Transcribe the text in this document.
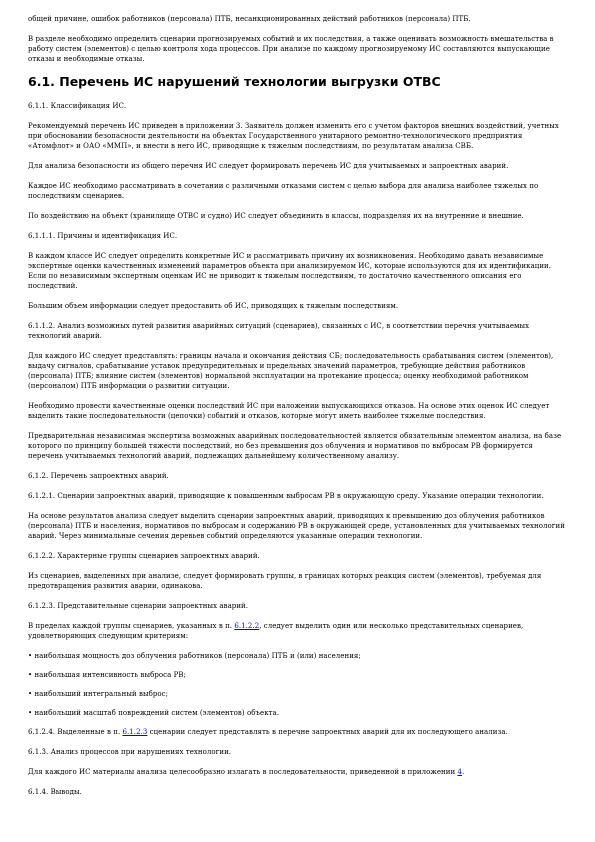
общей причине, ошибок работников (персонала) ПТБ, несанкционированных действий работников (персонала) ПТБ.

В разделе необходимо определить сценарии прогнозируемых событий и их последствия, а также оценивать возможность вмешательства в работу систем (элементов) с целью контроля хода процессов. При анализе по каждому прогнозируемому ИС составляются выпускающие отказы и необходимые отказы.

6.1. Перечень ИС нарушений технологии выгрузки ОТВС

6.1.1. Классификация ИС.

Рекомендуемый перечень ИС приведен в приложении 3. Заявитель должен изменить его с учетом факторов внешних воздействий, учетных при обосновании безопасности деятельности на объектах Государственного унитарного ремонтно-технологического предприятия «Атомфлот» и ОАО «ММП», и внести в него ИС, приводящие к тяжелым последствиям, по результатам анализа СВБ.

Для анализа безопасности из общего перечня ИС следует формировать перечень ИС для учитываемых и запроектных аварий.

Каждое ИС необходимо рассматривать в сочетании с различными отказами систем с целью выбора для анализа наиболее тяжелых по последствиям сценариев.

По воздействию на объект (хранилище ОТВС и судно) ИС следует объединить в классы, подразделяя их на внутренние и внешние.

6.1.1.1. Причины и идентификация ИС.

В каждом классе ИС следует определить конкретные ИС и рассматривать причину их возникновения. Необходимо давать независимые экспертные оценки качественных изменений параметров объекта при анализируемом ИС, которые используются для их идентификации. Если по независимым экспертным оценкам ИС не приводит к тяжелым последствиям, то достаточно качественного описания его последствий.

Большим объем информации следует предоставить об ИС, приводящих к тяжелым последствиям.

6.1.1.2. Анализ возможных путей развития аварийных ситуаций (сценариев), связанных с ИС, в соответствии перечня учитываемых технологий аварий.

Для каждого ИС следует представлять: границы начала и окончания действия СБ; последовательность срабатывания систем (элементов), выдачу сигналов, срабатывание уставок предупредительных и предельных значений параметров, требующие действия работников (персонала) ПТБ; влияние систем (элементов) нормальной эксплуатации на протекание процесса; оценку необходимой работником (персоналом) ПТБ информации о развитии ситуации.

Необходимо провести качественные оценки последствий ИС при наложении выпускающихся отказов. На основе этих оценок ИС следует выделить такие последовательности (цепочки) событий и отказов, которые могут иметь наиболее тяжелые последствия.

Предварительная независимая экспертиза возможных аварийных последовательностей является обязательным элементом анализа, на базе которого по принципу большей тяжести последствий, но без превышения доз облучения и нормативов по выбросам РВ формируется перечень учитываемых технологий аварий, подлежащих дальнейшему количественному анализу.

6.1.2. Перечень запроектных аварий.

6.1.2.1. Сценарии запроектных аварий, приводящие к повышенным выбросам РВ в окружающую среду. Указание операции технологии.

На основе результатов анализа следует выделить сценарии запроектных аварий, приводящих к превышению доз облучения работников (персонала) ПТБ и населения, нормативов по выбросам и содержанию РВ в окружающей среде, установленных для учитываемых технологий аварий. Через минимальные сечения деревьев событий определяются указанные операции технологии.

6.1.2.2. Характерные группы сценариев запроектных аварий.

Из сценариев, выделенных при анализе, следует формировать группы, в границах которых реакция систем (элементов), требуемая для предотвращения развития аварии, одинакова.

6.1.2.3. Представительные сценарии запроектных аварий.

В пределах каждой группы сценариев, указанных в п. 6.1.2.2, следует выделить один или несколько представительных сценариев, удовлетворяющих следующим критериям:

• наибольшая мощность доз облучения работников (персонала) ПТБ и (или) населения;

• наибольшая интенсивность выброса РВ;

• наибольший интегральный выброс;

• наибольший масштаб повреждений систем (элементов) объекта.

6.1.2.4. Выделенные в п. 6.1.2.3 сценарии следует представлять в перечне запроектных аварий для их последующего анализа.

6.1.3. Анализ процессов при нарушениях технологии.

Для каждого ИС материалы анализа целесообразно излагать в последовательности, приведенной в приложении 4.

6.1.4. Выводы.
